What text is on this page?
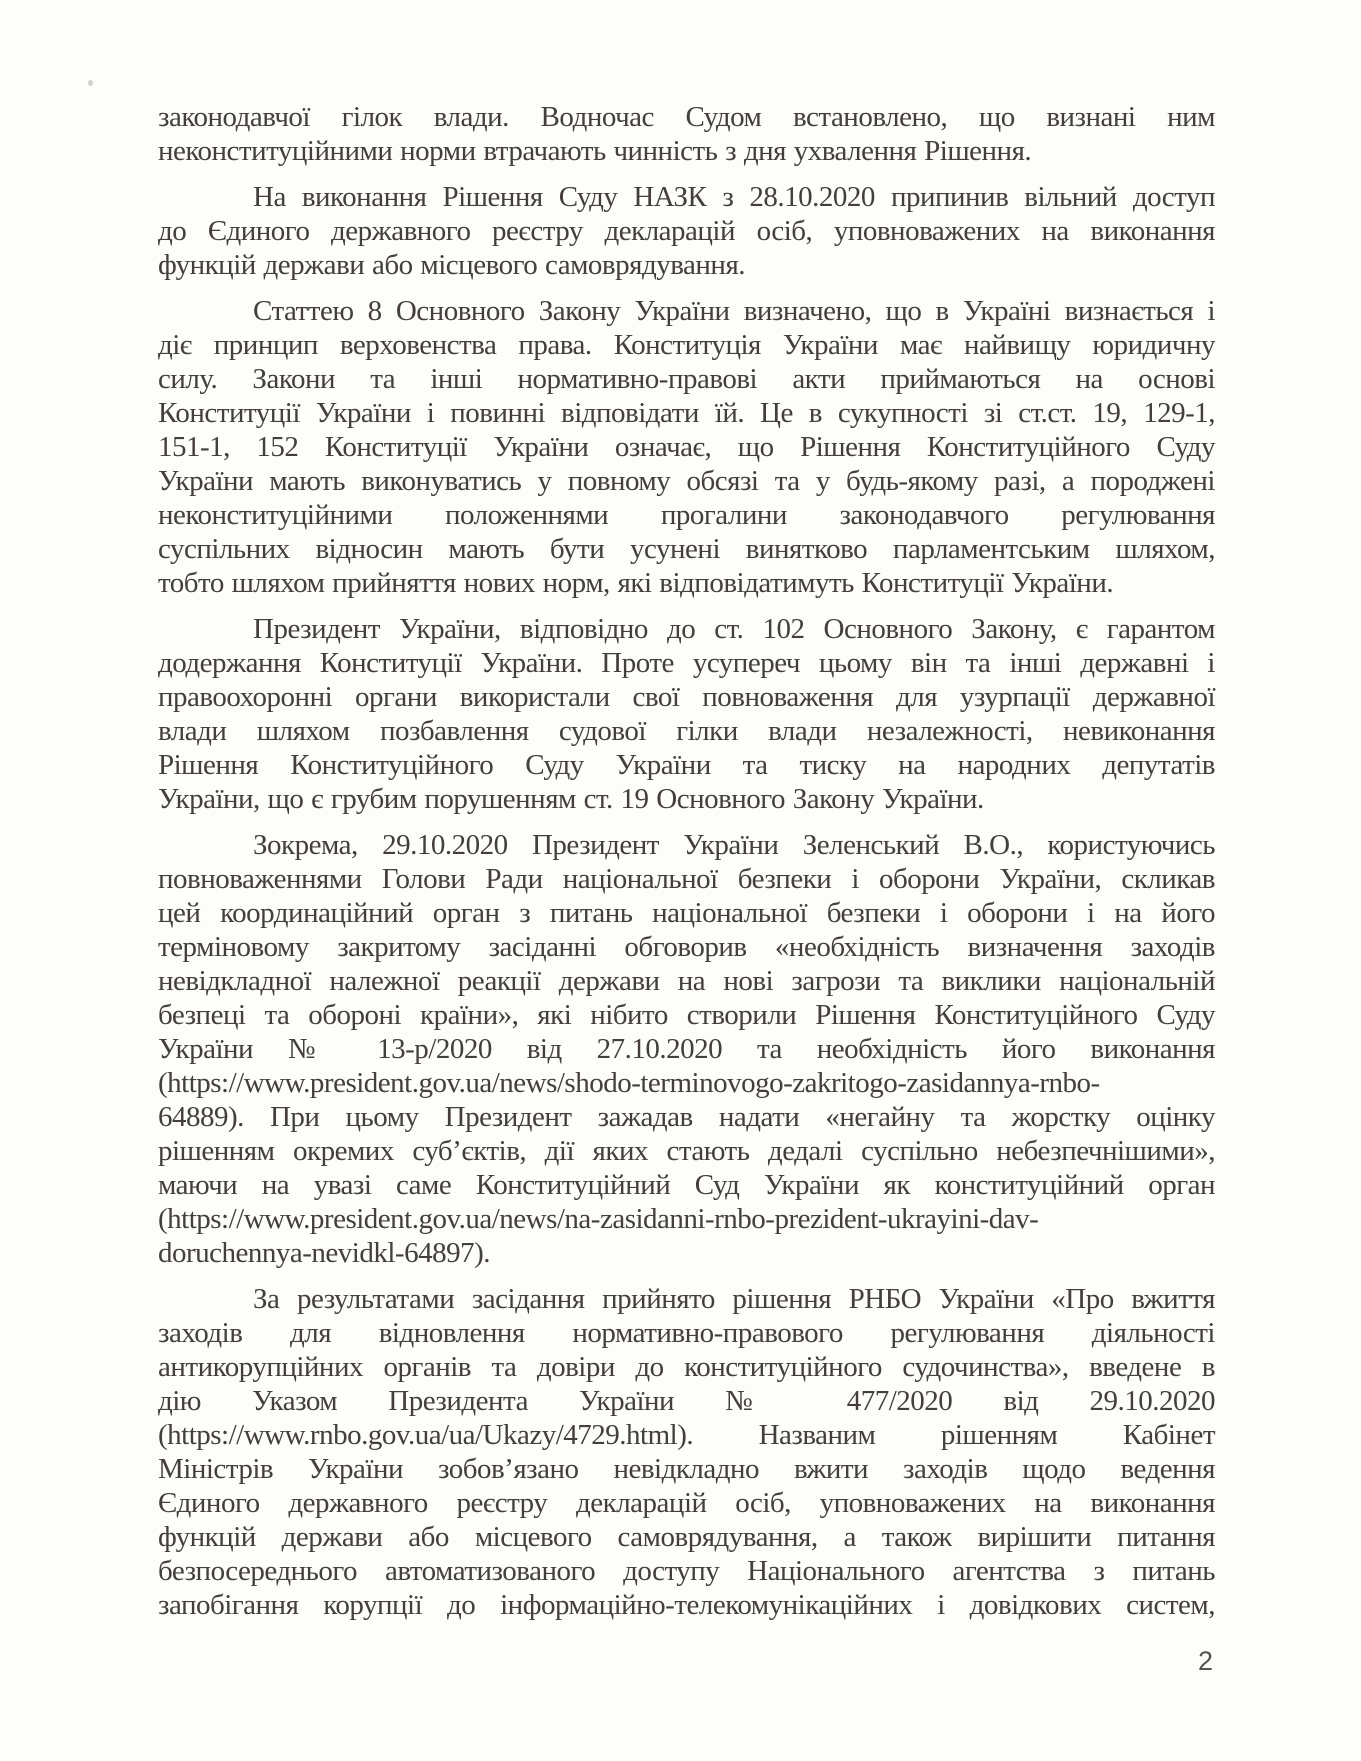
законодавчої гілок влади. Водночас Судом встановлено, що визнані ним
неконституційними норми втрачають чинність з дня ухвалення Рішення.
На виконання Рішення Суду НАЗК з 28.10.2020 припинив вільний доступ
до Єдиного державного реєстру декларацій осіб, уповноважених на виконання
функцій держави або місцевого самоврядування.
Статтею 8 Основного Закону України визначено, що в Україні визнається і
діє принцип верховенства права. Конституція України має найвищу юридичну
силу. Закони та інші нормативно-правові акти приймаються на основі
Конституції України і повинні відповідати їй. Це в сукупності зі ст.ст. 19, 129-1,
151-1, 152 Конституції України означає, що Рішення Конституційного Суду
України мають виконуватись у повному обсязі та у будь-якому разі, а породжені
неконституційними положеннями прогалини законодавчого регулювання
суспільних відносин мають бути усунені винятково парламентським шляхом,
тобто шляхом прийняття нових норм, які відповідатимуть Конституції України.
Президент України, відповідно до ст. 102 Основного Закону, є гарантом
додержання Конституції України. Проте усупереч цьому він та інші державні і
правоохоронні органи використали свої повноваження для узурпації державної
влади шляхом позбавлення судової гілки влади незалежності, невиконання
Рішення Конституційного Суду України та тиску на народних депутатів
України, що є грубим порушенням ст. 19 Основного Закону України.
Зокрема, 29.10.2020 Президент України Зеленський В.О., користуючись
повноваженнями Голови Ради національної безпеки і оборони України, скликав
цей координаційний орган з питань національної безпеки і оборони і на його
терміновому закритому засіданні обговорив «необхідність визначення заходів
невідкладної належної реакції держави на нові загрози та виклики національній
безпеці та обороні країни», які нібито створили Рішення Конституційного Суду
України № 13-р/2020 від 27.10.2020 та необхідність його виконання
(https://www.president.gov.ua/news/shodo-terminovogo-zakritogo-zasidannya-rnbo-
64889). При цьому Президент зажадав надати «негайну та жорстку оцінку
рішенням окремих суб’єктів, дії яких стають дедалі суспільно небезпечнішими»,
маючи на увазі саме Конституційний Суд України як конституційний орган
(https://www.president.gov.ua/news/na-zasidanni-rnbo-prezident-ukrayini-dav-
doruchennya-nevidkl-64897).
За результатами засідання прийнято рішення РНБО України «Про вжиття
заходів для відновлення нормативно-правового регулювання діяльності
антикорупційних органів та довіри до конституційного судочинства», введене в
дію Указом Президента України № 477/2020 від 29.10.2020
(https://www.rnbo.gov.ua/ua/Ukazy/4729.html). Названим рішенням Кабінет
Міністрів України зобов’язано невідкладно вжити заходів щодо ведення
Єдиного державного реєстру декларацій осіб, уповноважених на виконання
функцій держави або місцевого самоврядування, а також вирішити питання
безпосереднього автоматизованого доступу Національного агентства з питань
запобігання корупції до інформаційно-телекомунікаційних і довідкових систем,
2
